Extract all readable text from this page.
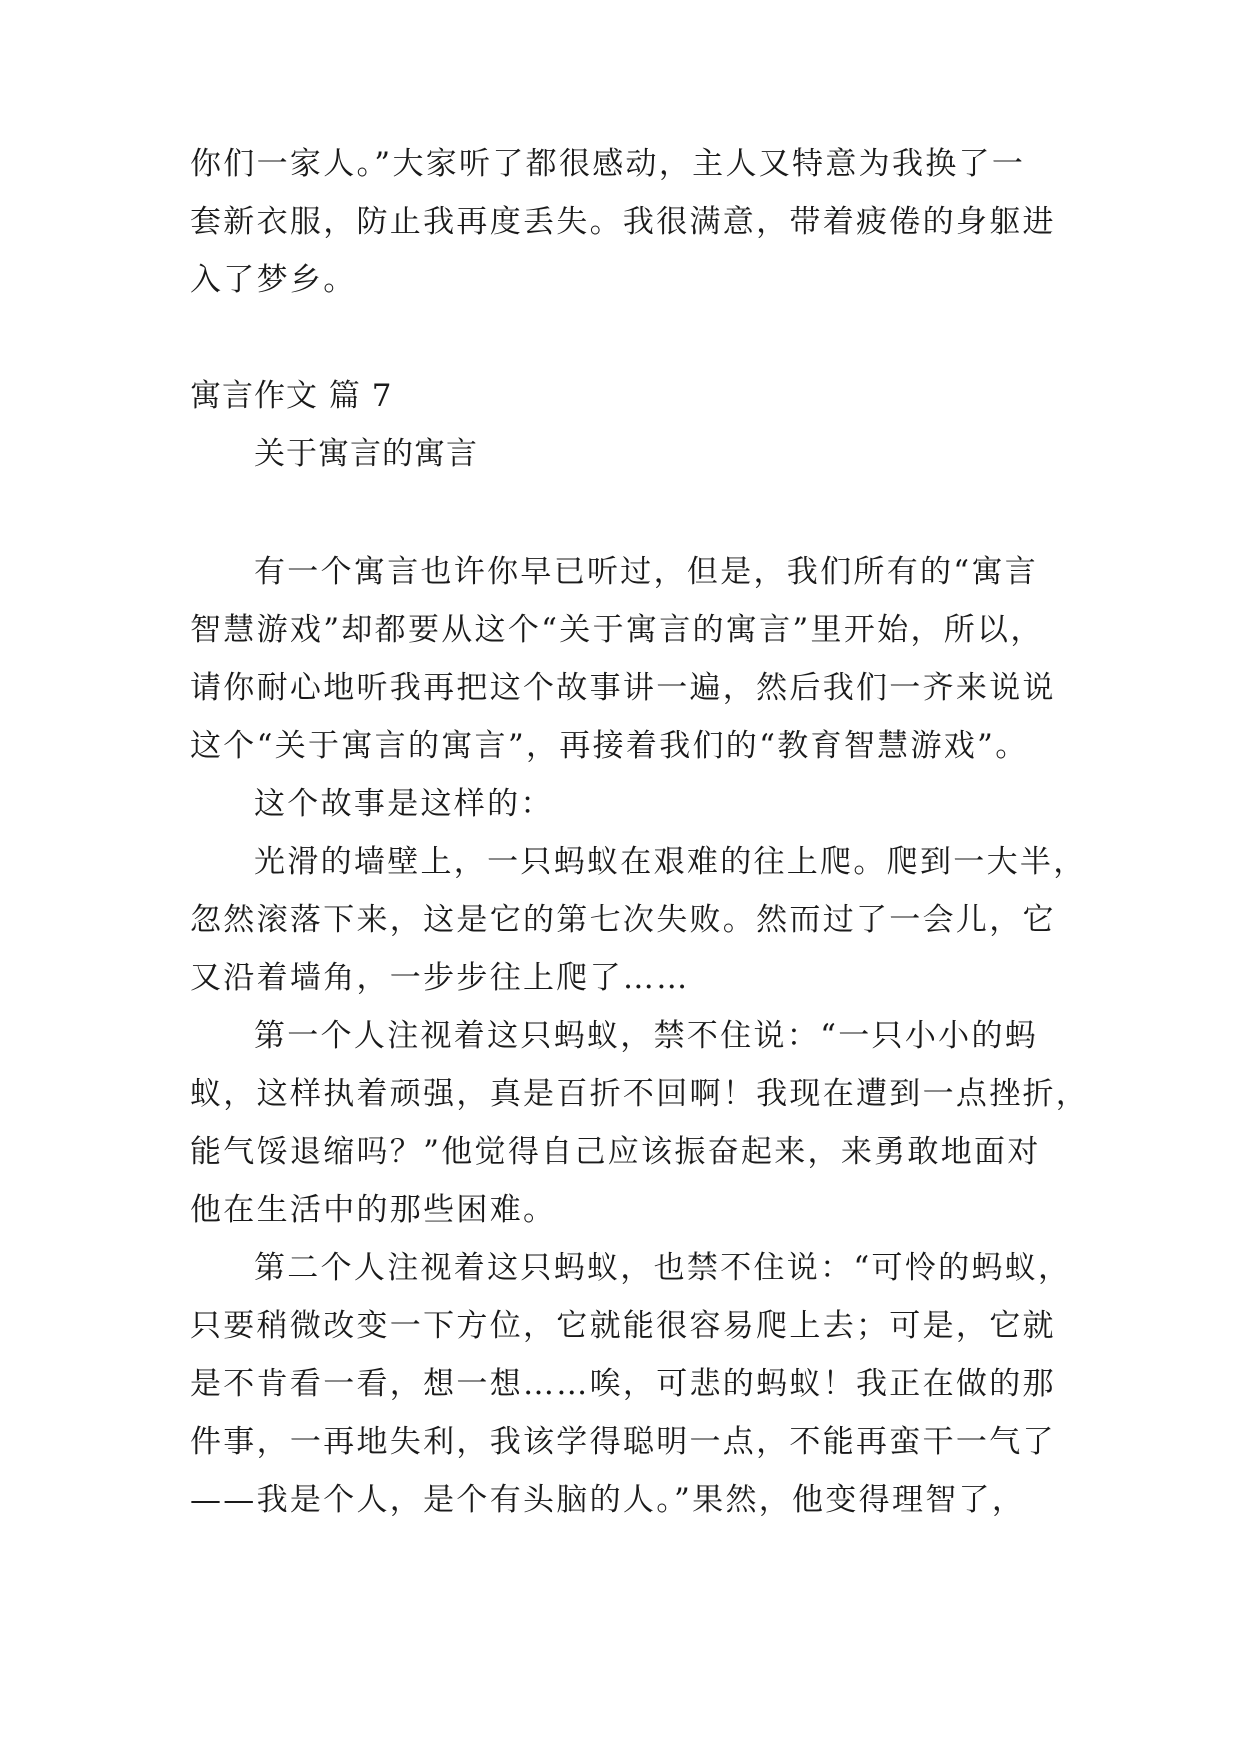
你们一家人。”大家听了都很感动，主人又特意为我换了一
套新衣服，防止我再度丢失。我很满意，带着疲倦的身躯进
入了梦乡。
寓言作文 篇 7
关于寓言的寓言
有一个寓言也许你早已听过，但是，我们所有的“寓言
智慧游戏”却都要从这个“关于寓言的寓言”里开始，所以，
请你耐心地听我再把这个故事讲一遍，然后我们一齐来说说
这个“关于寓言的寓言”，再接着我们的“教育智慧游戏”。
这个故事是这样的：
光滑的墙壁上，一只蚂蚁在艰难的往上爬。爬到一大半，
忽然滚落下来，这是它的第七次失败。然而过了一会儿，它
又沿着墙角，一步步往上爬了……
第一个人注视着这只蚂蚁，禁不住说：“一只小小的蚂
蚁，这样执着顽强，真是百折不回啊！我现在遭到一点挫折，
能气馁退缩吗？”他觉得自己应该振奋起来，来勇敢地面对
他在生活中的那些困难。
第二个人注视着这只蚂蚁，也禁不住说：“可怜的蚂蚁，
只要稍微改变一下方位，它就能很容易爬上去；可是，它就
是不肯看一看，想一想……唉，可悲的蚂蚁！我正在做的那
件事，一再地失利，我该学得聪明一点，不能再蛮干一气了
——我是个人，是个有头脑的人。”果然，他变得理智了，
